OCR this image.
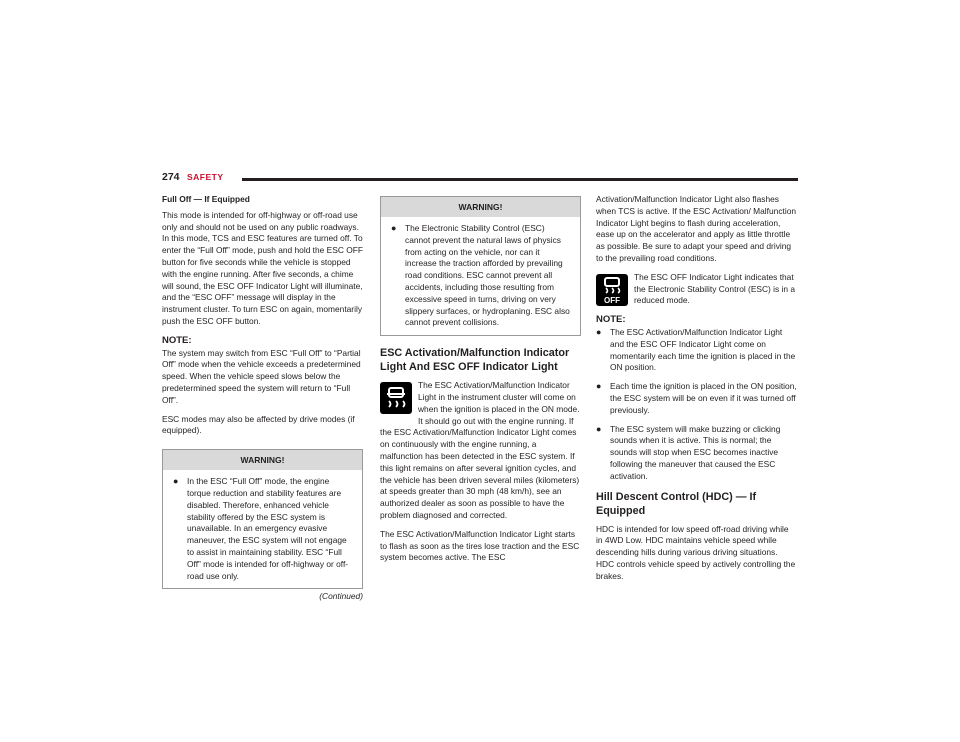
274 SAFETY
Full Off — If Equipped

This mode is intended for off-highway or off-road use only and should not be used on any public roadways. In this mode, TCS and ESC features are turned off. To enter the “Full Off” mode, push and hold the ESC OFF button for five seconds while the vehicle is stopped with the engine running. After five seconds, a chime will sound, the ESC OFF Indicator Light will illuminate, and the “ESC OFF” message will display in the instrument cluster. To turn ESC on again, momentarily push the ESC OFF button.

NOTE:

The system may switch from ESC “Full Off” to “Partial Off” mode when the vehicle exceeds a predetermined speed. When the vehicle speed slows below the predetermined speed the system will return to “Full Off”.

ESC modes may also be affected by drive modes (if equipped).

WARNING!
● In the ESC “Full Off” mode, the engine torque reduction and stability features are disabled. Therefore, enhanced vehicle stability offered by the ESC system is unavailable. In an emergency evasive maneuver, the ESC system will not engage to assist in maintaining stability. ESC “Full Off” mode is intended for off-highway or off-road use only.
(Continued)
WARNING!
● The Electronic Stability Control (ESC) cannot prevent the natural laws of physics from acting on the vehicle, nor can it increase the traction afforded by prevailing road conditions. ESC cannot prevent all accidents, including those resulting from excessive speed in turns, driving on very slippery surfaces, or hydroplaning. ESC also cannot prevent collisions.
ESC Activation/Malfunction Indicator Light And ESC OFF Indicator Light

The ESC Activation/Malfunction Indicator Light in the instrument cluster will come on when the ignition is placed in the ON mode. It should go out with the engine running. If the ESC Activation/Malfunction Indicator Light comes on continuously with the engine running, a malfunction has been detected in the ESC system. If this light remains on after several ignition cycles, and the vehicle has been driven several miles (kilometers) at speeds greater than 30 mph (48 km/h), see an authorized dealer as soon as possible to have the problem diagnosed and corrected.

The ESC Activation/Malfunction Indicator Light starts to flash as soon as the tires lose traction and the ESC system becomes active. The ESC

Activation/Malfunction Indicator Light also flashes when TCS is active. If the ESC Activation/ Malfunction Indicator Light begins to flash during acceleration, ease up on the accelerator and apply as little throttle as possible. Be sure to adapt your speed and driving to the prevailing road conditions.

OFF

The ESC OFF Indicator Light indicates that the Electronic Stability Control (ESC) is in a reduced mode.

NOTE:
● The ESC Activation/Malfunction Indicator Light and the ESC OFF Indicator Light come on momentarily each time the ignition is placed in the ON position.
● Each time the ignition is placed in the ON position, the ESC system will be on even if it was turned off previously.
● The ESC system will make buzzing or clicking sounds when it is active. This is normal; the sounds will stop when ESC becomes inactive following the maneuver that caused the ESC activation.
Hill Descent Control (HDC) — If Equipped

HDC is intended for low speed off-road driving while in 4WD Low. HDC maintains vehicle speed while descending hills during various driving situations. HDC controls vehicle speed by actively controlling the brakes.
